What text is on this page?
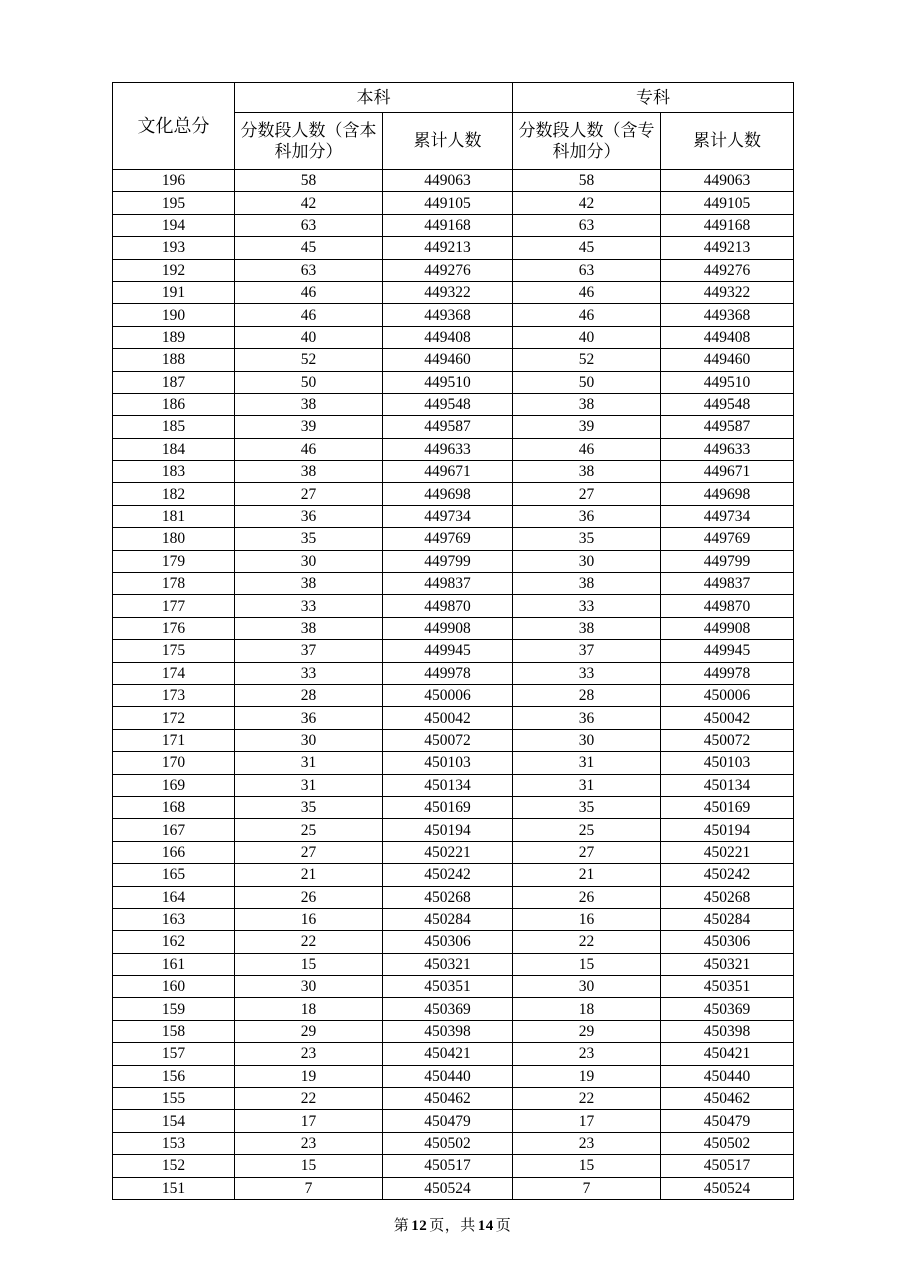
文化总分	本科		专科	
	分数段人数（含本科加分）	累计人数	分数段人数（含专科加分）	累计人数
196	58	449063	58	449063
195	42	449105	42	449105
194	63	449168	63	449168
193	45	449213	45	449213
192	63	449276	63	449276
191	46	449322	46	449322
190	46	449368	46	449368
189	40	449408	40	449408
188	52	449460	52	449460
187	50	449510	50	449510
186	38	449548	38	449548
185	39	449587	39	449587
184	46	449633	46	449633
183	38	449671	38	449671
182	27	449698	27	449698
181	36	449734	36	449734
180	35	449769	35	449769
179	30	449799	30	449799
178	38	449837	38	449837
177	33	449870	33	449870
176	38	449908	38	449908
175	37	449945	37	449945
174	33	449978	33	449978
173	28	450006	28	450006
172	36	450042	36	450042
171	30	450072	30	450072
170	31	450103	31	450103
169	31	450134	31	450134
168	35	450169	35	450169
167	25	450194	25	450194
166	27	450221	27	450221
165	21	450242	21	450242
164	26	450268	26	450268
163	16	450284	16	450284
162	22	450306	22	450306
161	15	450321	15	450321
160	30	450351	30	450351
159	18	450369	18	450369
158	29	450398	29	450398
157	23	450421	23	450421
156	19	450440	19	450440
155	22	450462	22	450462
154	17	450479	17	450479
153	23	450502	23	450502
152	15	450517	15	450517
151	7	450524	7	450524
第 12 页，共 14 页
